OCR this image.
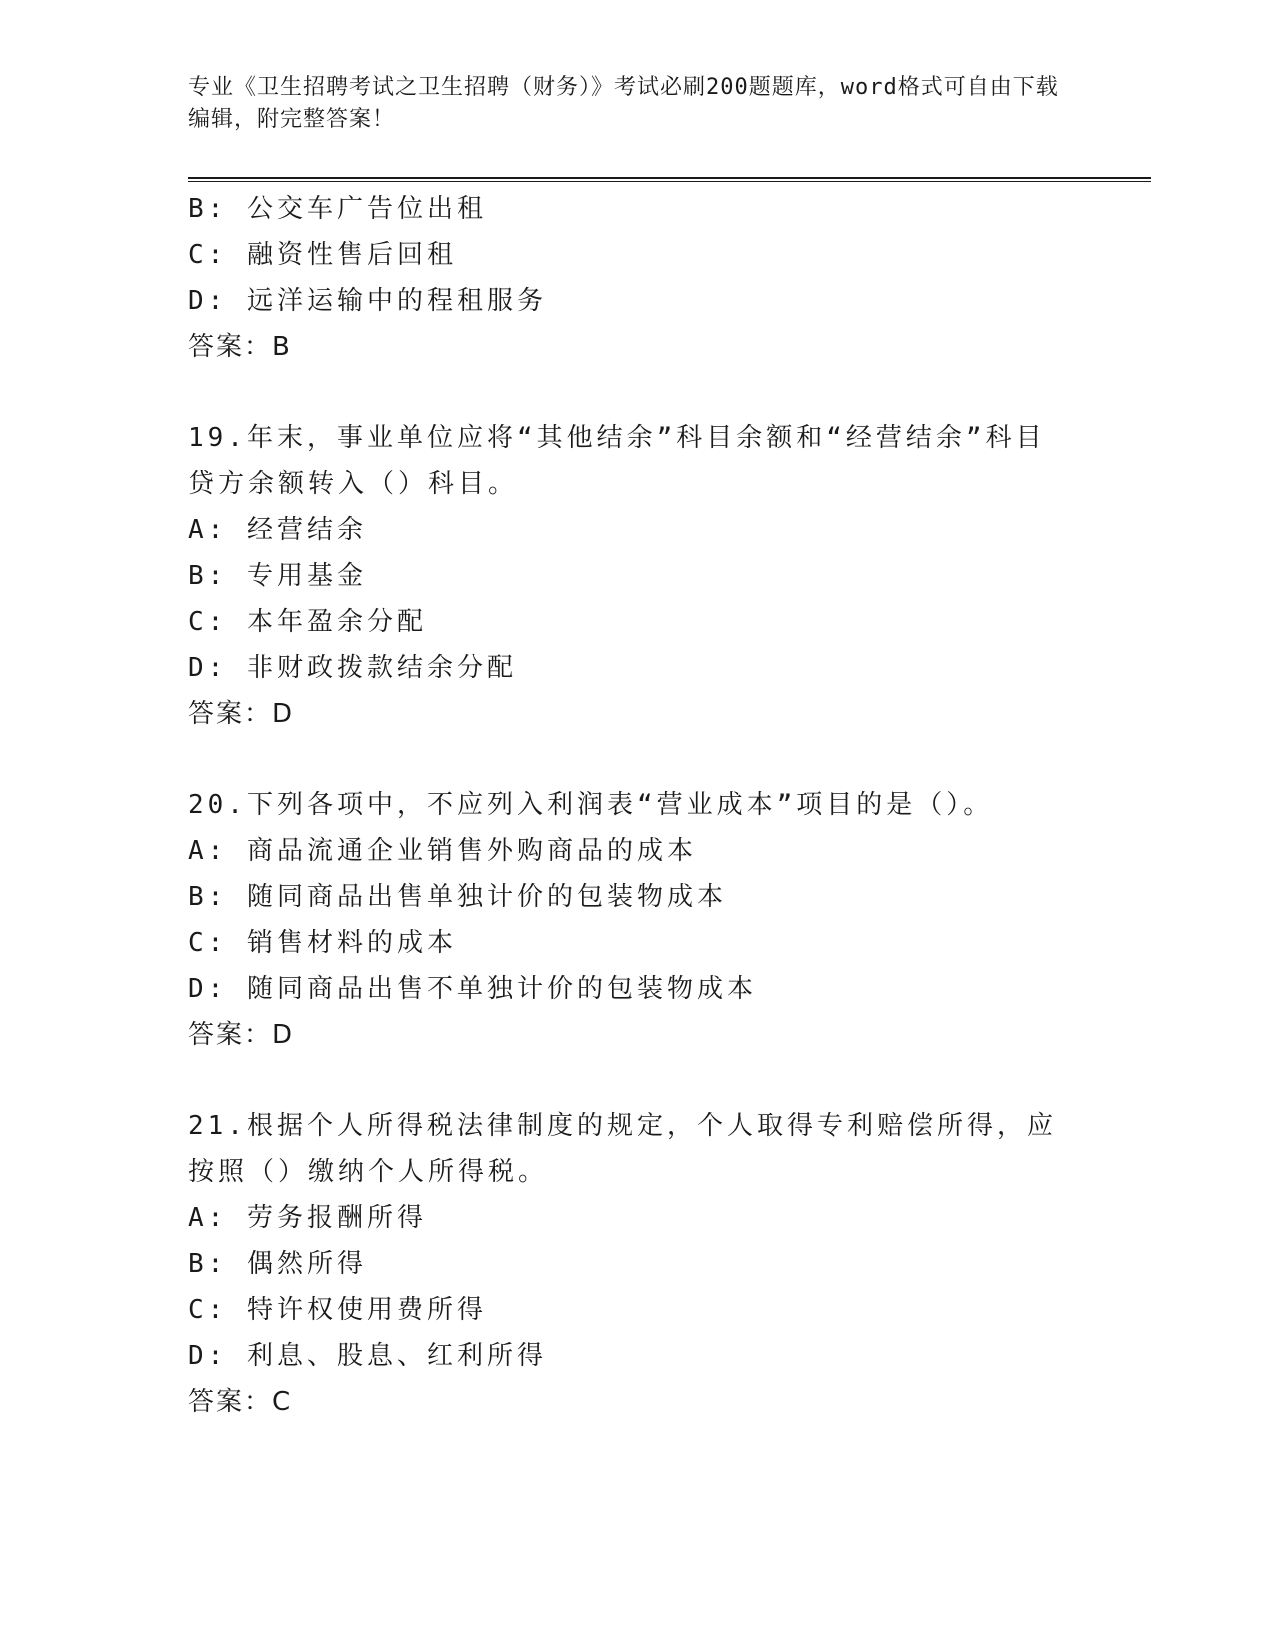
专业《卫生招聘考试之卫生招聘（财务）》考试必刷200题题库，word格式可自由下载编辑，附完整答案！
B: 公交车广告位出租
C: 融资性售后回租
D: 远洋运输中的程租服务
答案：B
19.年末，事业单位应将“其他结余”科目余额和“经营结余”科目贷方余额转入（）科目。
A: 经营结余
B: 专用基金
C: 本年盈余分配
D: 非财政拨款结余分配
答案：D
20.下列各项中，不应列入利润表“营业成本”项目的是（）。
A: 商品流通企业销售外购商品的成本
B: 随同商品出售单独计价的包装物成本
C: 销售材料的成本
D: 随同商品出售不单独计价的包装物成本
答案：D
21.根据个人所得税法律制度的规定，个人取得专利赔偿所得，应按照（）缴纳个人所得税。
A: 劳务报酬所得
B: 偶然所得
C: 特许权使用费所得
D: 利息、股息、红利所得
答案：C
